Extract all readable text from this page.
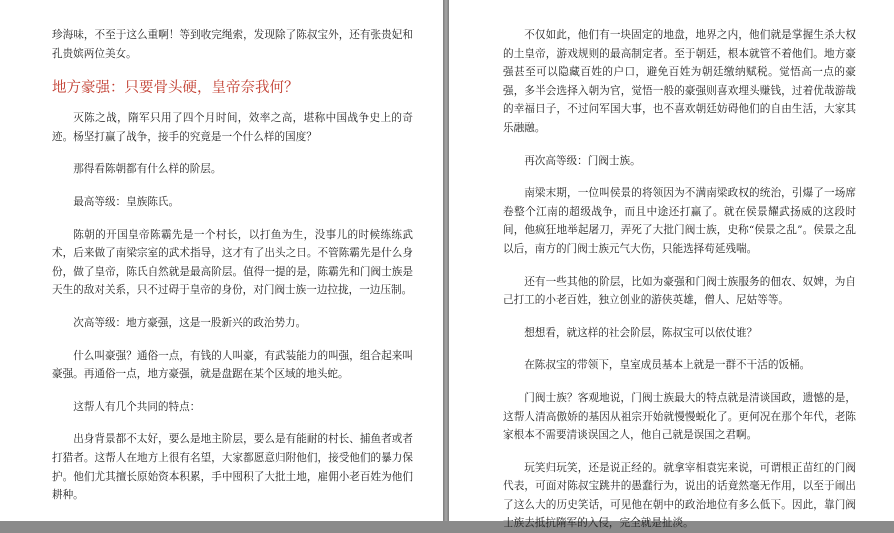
珍海味，不至于这么重啊！等到收完绳索，发现除了陈叔宝外，还有张贵妃和孔贵嫔两位美女。

地方豪强：只要骨头硬，皇帝奈我何？

灭陈之战，隋军只用了四个月时间，效率之高，堪称中国战争史上的奇迹。杨坚打赢了战争，接手的究竟是一个什么样的国度？

那得看陈朝都有什么样的阶层。

最高等级：皇族陈氏。

陈朝的开国皇帝陈霸先是一个村长，以打鱼为生，没事儿的时候练练武术，后来做了南梁宗室的武术指导，这才有了出头之日。不管陈霸先是什么身份，做了皇帝，陈氏自然就是最高阶层。值得一提的是，陈霸先和门阀士族是天生的敌对关系，只不过碍于皇帝的身份，对门阀士族一边拉拢，一边压制。

次高等级：地方豪强，这是一股新兴的政治势力。

什么叫豪强？通俗一点，有钱的人叫豪，有武装能力的叫强，组合起来叫豪强。再通俗一点，地方豪强，就是盘踞在某个区域的地头蛇。

这帮人有几个共同的特点：

出身背景都不太好，要么是地主阶层，要么是有能耐的村长、捕鱼者或者打猎者。这帮人在地方上很有名望，大家都愿意归附他们，接受他们的暴力保护。他们尤其擅长原始资本积累，手中囤积了大批土地，雇佣小老百姓为他们耕种。

不仅如此，他们有一块固定的地盘，地界之内，他们就是掌握生杀大权的土皇帝，游戏规则的最高制定者。至于朝廷，根本就管不着他们。地方豪强甚至可以隐藏百姓的户口，避免百姓为朝廷缴纳赋税。觉悟高一点的豪强，多半会选择入朝为官，觉悟一般的豪强则喜欢埋头赚钱，过着优哉游哉的幸福日子，不过问军国大事，也不喜欢朝廷妨碍他们的自由生活，大家其乐融融。

再次高等级：门阀士族。

南梁末期，一位叫侯景的将领因为不满南梁政权的统治，引爆了一场席卷整个江南的超级战争，而且中途还打赢了。就在侯景耀武扬威的这段时间，他疯狂地举起屠刀，弄死了大批门阀士族，史称“侯景之乱”。侯景之乱以后，南方的门阀士族元气大伤，只能选择苟延残喘。

还有一些其他的阶层，比如为豪强和门阀士族服务的佃农、奴婢，为自己打工的小老百姓，独立创业的游侠英雄，僧人、尼姑等等。

想想看，就这样的社会阶层，陈叔宝可以依仗谁？

在陈叔宝的带领下，皇室成员基本上就是一群不干活的饭桶。

门阀士族？客观地说，门阀士族最大的特点就是清谈国政，遗憾的是，这帮人清高傲娇的基因从祖宗开始就慢慢蜕化了。更何况在那个年代，老陈家根本不需要清谈误国之人，他自己就是误国之君啊。

玩笑归玩笑，还是说正经的。就拿宰相袁宪来说，可谓根正苗红的门阀代表，可面对陈叔宝跳井的愚蠢行为，说出的话竟然毫无作用，以至于闹出了这么大的历史笑话，可见他在朝中的政治地位有多么低下。因此，靠门阀士族去抵抗隋军的入侵，完全就是扯淡。
